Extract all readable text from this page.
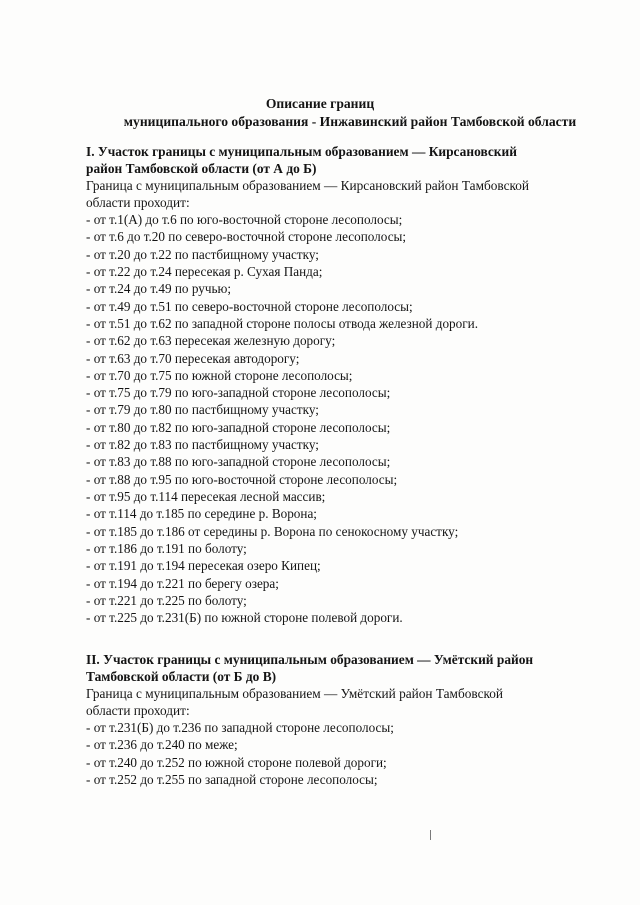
Описание границ
муниципального образования - Инжавинский район Тамбовской области
I. Участок границы с муниципальным образованием — Кирсановский
район Тамбовской области (от А до Б)
Граница с муниципальным образованием — Кирсановский район Тамбовской
области проходит:
- от т.1(А) до т.6 по юго-восточной стороне лесополосы;
- от т.6 до т.20 по северо-восточной стороне лесополосы;
- от т.20 до т.22 по пастбищному участку;
- от т.22 до т.24 пересекая р. Сухая Панда;
- от т.24 до т.49 по ручью;
- от т.49 до т.51 по северо-восточной стороне лесополосы;
- от т.51 до т.62 по западной стороне полосы отвода железной дороги.
- от т.62 до т.63 пересекая железную дорогу;
- от т.63 до т.70 пересекая автодорогу;
- от т.70 до т.75 по южной стороне лесополосы;
- от т.75 до т.79 по юго-западной стороне лесополосы;
- от т.79 до т.80 по пастбищному участку;
- от т.80 до т.82 по юго-западной стороне лесополосы;
- от т.82 до т.83 по пастбищному участку;
- от т.83 до т.88 по юго-западной стороне лесополосы;
- от т.88 до т.95 по юго-восточной стороне лесополосы;
- от т.95 до т.114 пересекая лесной массив;
- от т.114 до т.185 по середине р. Ворона;
- от т.185 до т.186 от середины р. Ворона по сенокосному участку;
- от т.186 до т.191 по болоту;
- от т.191 до т.194 пересекая озеро Кипец;
- от т.194 до т.221 по берегу озера;
- от т.221 до т.225 по болоту;
- от т.225 до т.231(Б) по южной стороне полевой дороги.
II. Участок границы с муниципальным образованием — Умётский район
Тамбовской области (от Б до В)
Граница с муниципальным образованием — Умётский район Тамбовской
области проходит:
- от т.231(Б) до т.236 по западной стороне лесополосы;
- от т.236 до т.240 по меже;
- от т.240 до т.252 по южной стороне полевой дороги;
- от т.252 до т.255 по западной стороне лесополосы;
